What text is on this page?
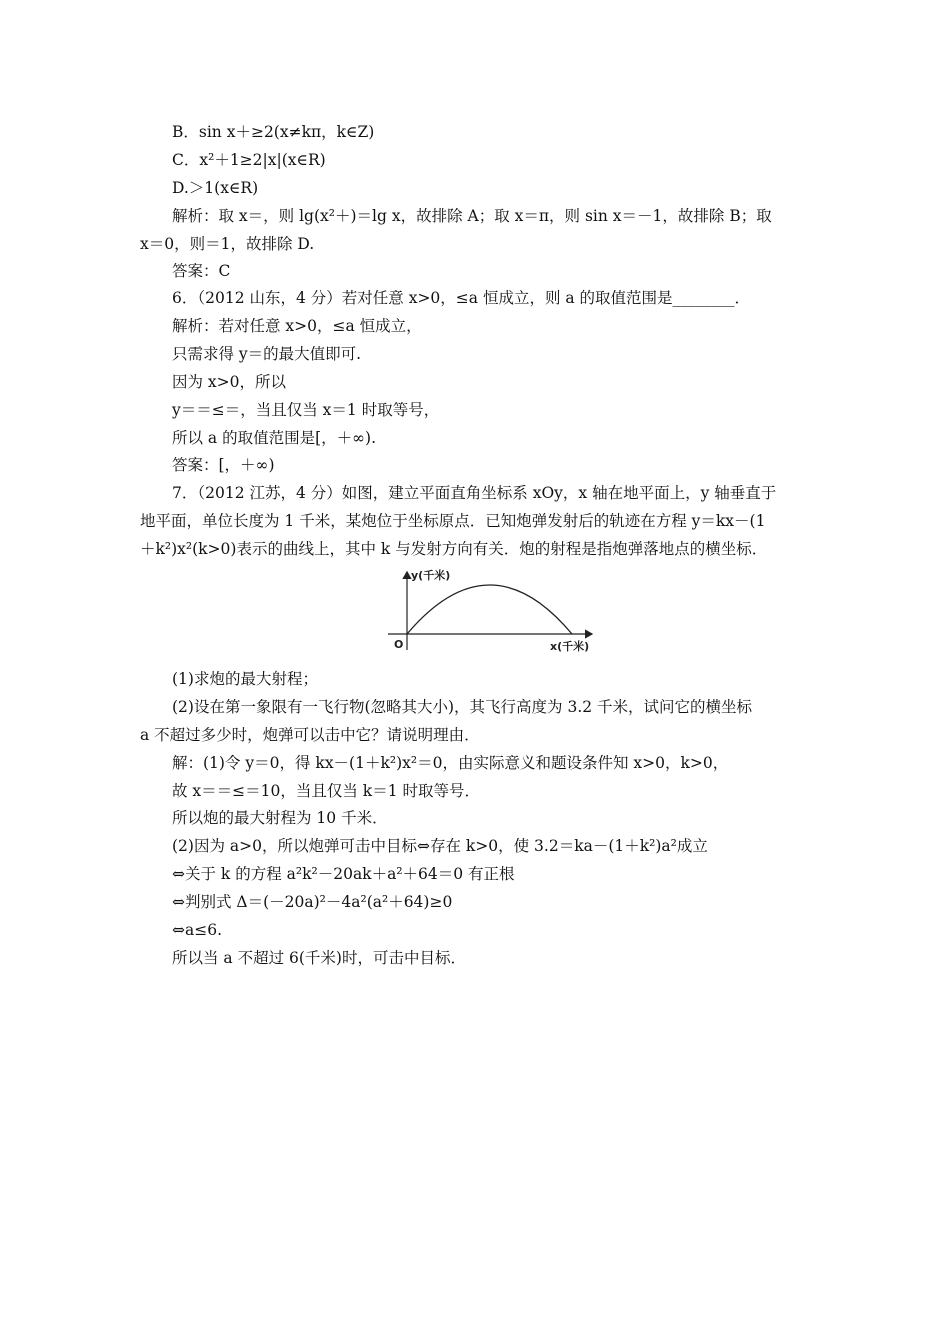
B．sin x＋≥2(x≠kπ，k∈Z)
C．x²＋1≥2|x|(x∈R)
D.＞1(x∈R)
解析：取 x＝，则 lg(x²＋)＝lg x，故排除 A；取 x＝π，则 sin x＝－1，故排除 B；取
x＝0，则＝1，故排除 D.
答案：C
6．（2012 山东，4 分）若对任意 x>0，≤a 恒成立，则 a 的取值范围是________．
解析：若对任意 x>0，≤a 恒成立，
只需求得 y＝的最大值即可.
因为 x>0，所以
y＝＝≤＝，当且仅当 x＝1 时取等号，
所以 a 的取值范围是[，＋∞).
答案：[，＋∞)
7．（2012 江苏，4 分）如图，建立平面直角坐标系 xOy，x 轴在地平面上，y 轴垂直于
地平面，单位长度为 1 千米，某炮位于坐标原点．已知炮弹发射后的轨迹在方程 y＝kx－(1
＋k²)x²(k>0)表示的曲线上，其中 k 与发射方向有关．炮的射程是指炮弹落地点的横坐标．
y(千米)
x(千米)
O
(1)求炮的最大射程；
(2)设在第一象限有一飞行物(忽略其大小)，其飞行高度为 3.2 千米，试问它的横坐标
a 不超过多少时，炮弹可以击中它？请说明理由．
解：(1)令 y＝0，得 kx－(1＋k²)x²＝0，由实际意义和题设条件知 x>0，k>0，
故 x＝＝≤＝10，当且仅当 k＝1 时取等号．
所以炮的最大射程为 10 千米．
(2)因为 a>0，所以炮弹可击中目标⇔存在 k>0，使 3.2＝ka－(1＋k²)a²成立
⇔关于 k 的方程 a²k²－20ak＋a²＋64＝0 有正根
⇔判别式 Δ＝(－20a)²－4a²(a²＋64)≥0
⇔a≤6.
所以当 a 不超过 6(千米)时，可击中目标．
